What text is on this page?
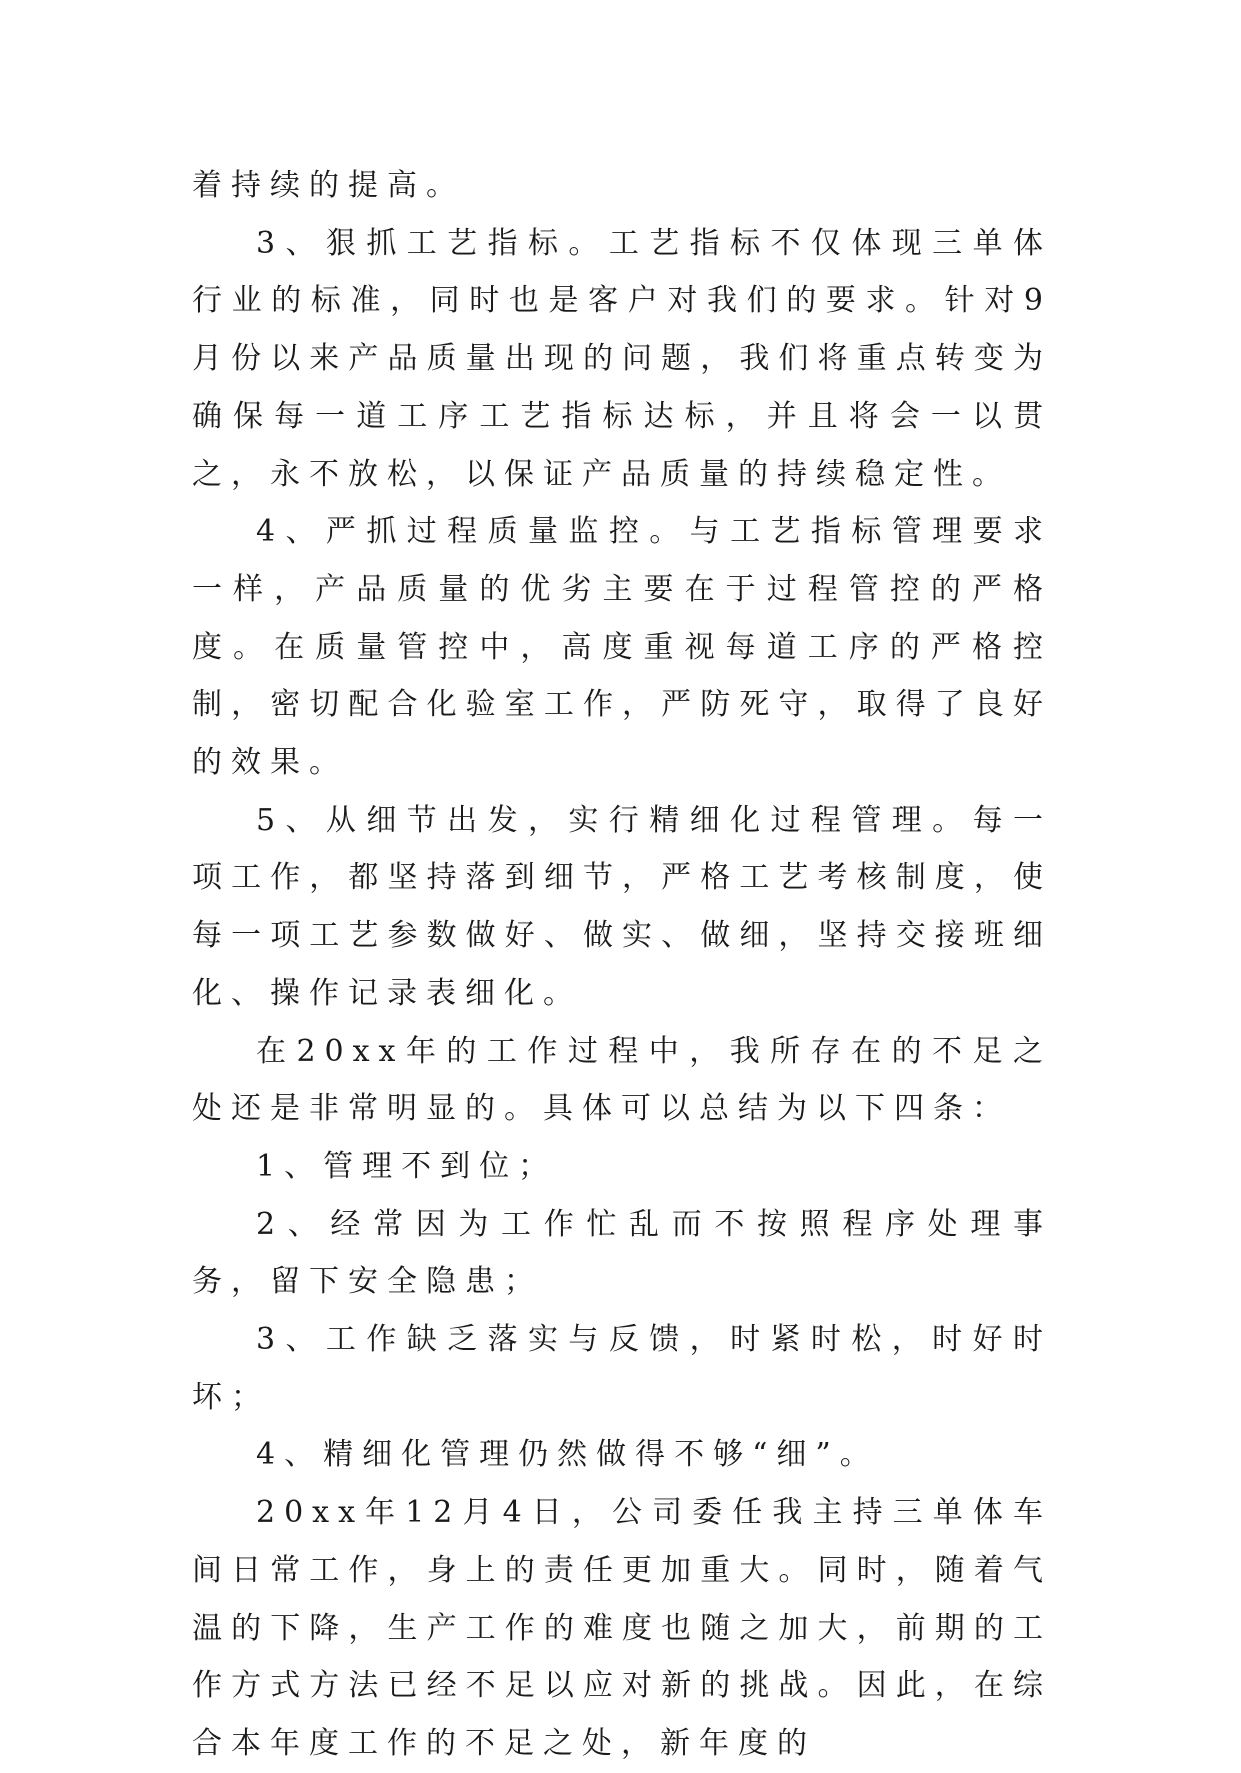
着持续的提高。

3、狠抓工艺指标。工艺指标不仅体现三单体行业的标准，同时也是客户对我们的要求。针对9月份以来产品质量出现的问题，我们将重点转变为确保每一道工序工艺指标达标，并且将会一以贯之，永不放松，以保证产品质量的持续稳定性。

4、严抓过程质量监控。与工艺指标管理要求一样，产品质量的优劣主要在于过程管控的严格度。在质量管控中，高度重视每道工序的严格控制，密切配合化验室工作，严防死守，取得了良好的效果。

5、从细节出发，实行精细化过程管理。每一项工作，都坚持落到细节，严格工艺考核制度，使每一项工艺参数做好、做实、做细，坚持交接班细化、操作记录表细化。

在20xx年的工作过程中，我所存在的不足之处还是非常明显的。具体可以总结为以下四条：

1、管理不到位；

2、经常因为工作忙乱而不按照程序处理事务，留下安全隐患；

3、工作缺乏落实与反馈，时紧时松，时好时坏；

4、精细化管理仍然做得不够“细”。

20xx年12月4日，公司委任我主持三单体车间日常工作，身上的责任更加重大。同时，随着气温的下降，生产工作的难度也随之加大，前期的工作方式方法已经不足以应对新的挑战。因此，在综合本年度工作的不足之处，新年度的
